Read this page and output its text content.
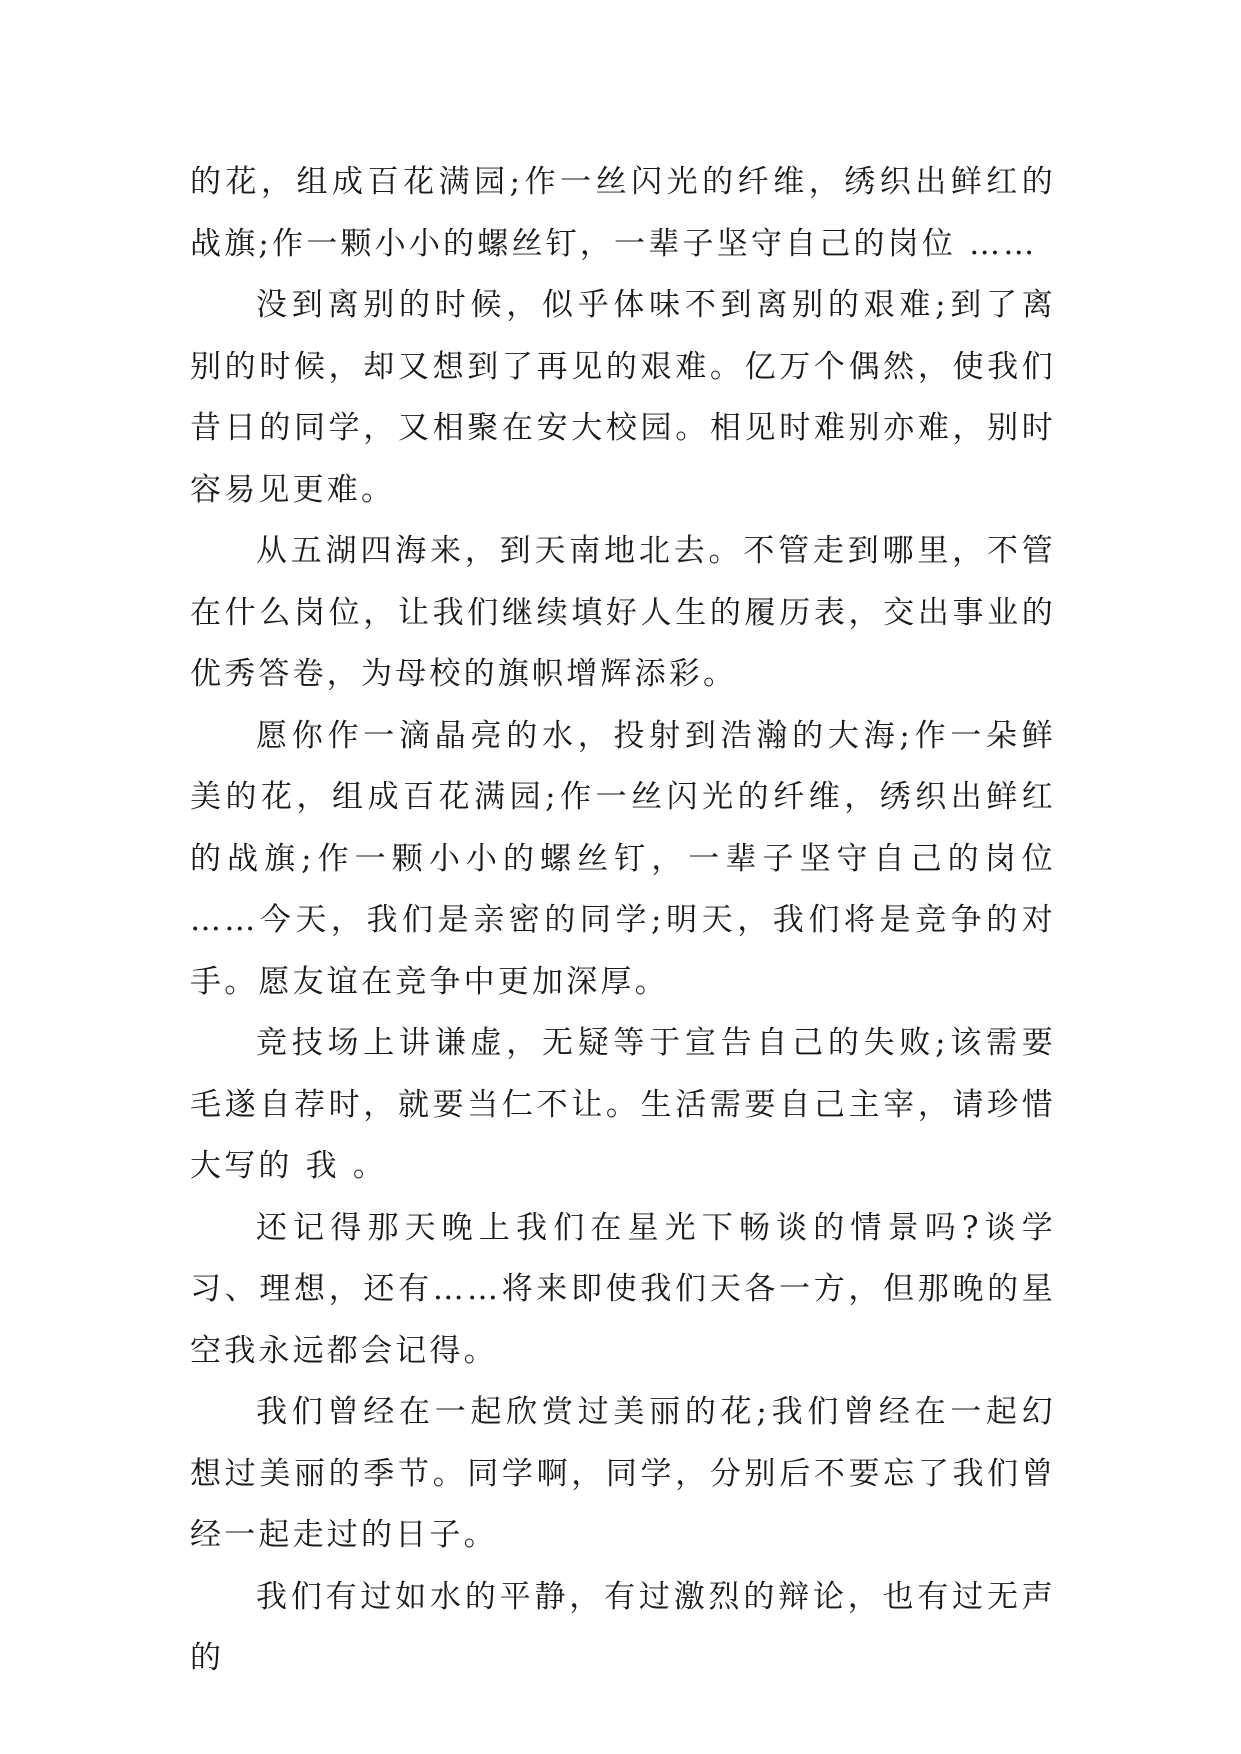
的花，组成百花满园;作一丝闪光的纤维，绣织出鲜红的战旗;作一颗小小的螺丝钉，一辈子坚守自己的岗位 ……

没到离别的时候，似乎体味不到离别的艰难;到了离别的时候，却又想到了再见的艰难。亿万个偶然，使我们昔日的同学，又相聚在安大校园。相见时难别亦难，别时容易见更难。

从五湖四海来，到天南地北去。不管走到哪里，不管在什么岗位，让我们继续填好人生的履历表，交出事业的优秀答卷，为母校的旗帜增辉添彩。

愿你作一滴晶亮的水，投射到浩瀚的大海;作一朵鲜美的花，组成百花满园;作一丝闪光的纤维，绣织出鲜红的战旗;作一颗小小的螺丝钉，一辈子坚守自己的岗位 ……今天，我们是亲密的同学;明天，我们将是竞争的对手。愿友谊在竞争中更加深厚。

竞技场上讲谦虚，无疑等于宣告自己的失败;该需要毛遂自荐时，就要当仁不让。生活需要自己主宰，请珍惜大写的 我 。

还记得那天晚上我们在星光下畅谈的情景吗?谈学习、理想，还有……将来即使我们天各一方，但那晚的星空我永远都会记得。

我们曾经在一起欣赏过美丽的花;我们曾经在一起幻想过美丽的季节。同学啊，同学，分别后不要忘了我们曾经一起走过的日子。

我们有过如水的平静，有过激烈的辩论，也有过无声的
